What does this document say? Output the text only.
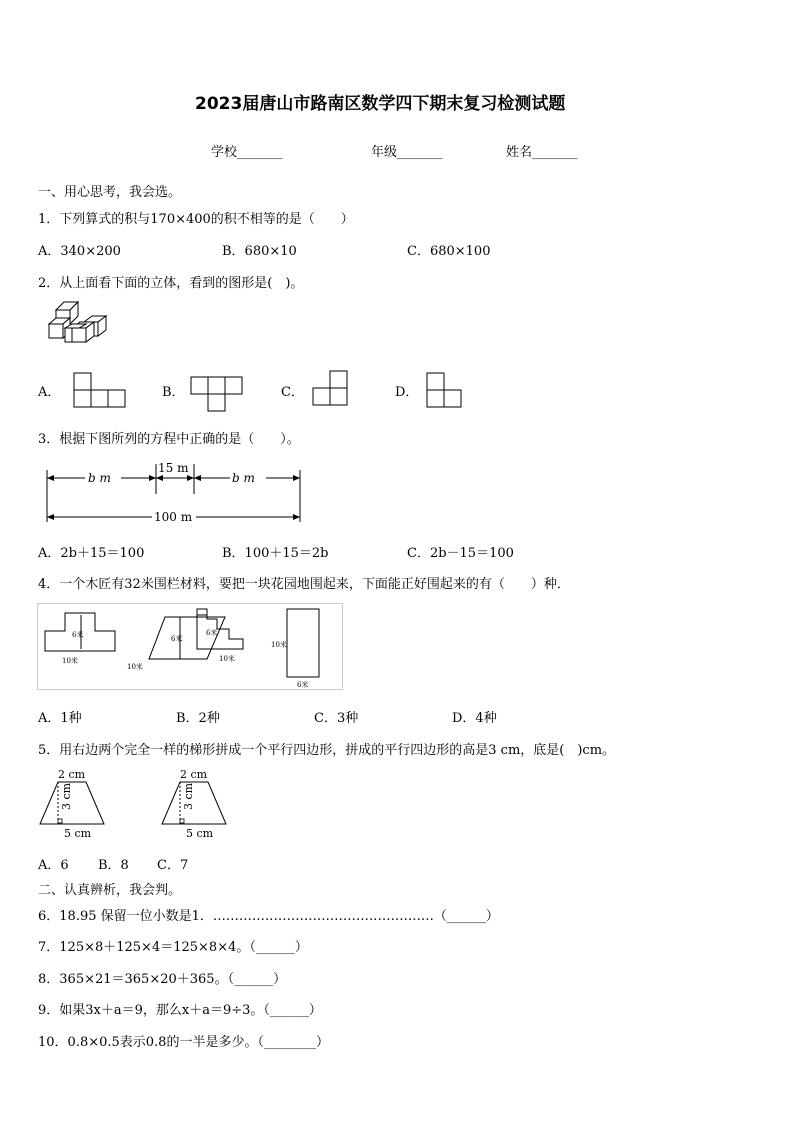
2023届唐山市路南区数学四下期末复习检测试题
学校_______	年级_______	姓名_______
一、用心思考，我会选。
1．下列算式的积与170×400的积不相等的是（　　）
A．340×200	B．680×10	C．680×100
2．从上面看下面的立体，看到的图形是(　)。
A．	B．	C．	D．
3．根据下图所列的方程中正确的是（　　）。
b m
15 m
b m
100 m
A．2b＋15＝100	B．100＋15＝2b	C．2b－15＝100
4．一个木匠有32米围栏材料，要把一块花园地围起来，下面能正好围起来的有（　　）种．
6米
10米
6米
10米
6米
10米
10米
6米
A．1种	B．2种	C．3种	D．4种
5．用右边两个完全一样的梯形拼成一个平行四边形，拼成的平行四边形的高是3 cm，底是(　)cm。
2 cm
3 cm
5 cm
2 cm
3 cm
5 cm
A．6 B．8 C．7
二、认真辨析，我会判。
6．18.95 保留一位小数是1．……………………………………………（______）
7．125×8＋125×4＝125×8×4。（______）
8．365×21＝365×20＋365。（______）
9．如果3x＋a＝9，那么x＋a＝9÷3。（______）
10．0.8×0.5表示0.8的一半是多少。（________）
